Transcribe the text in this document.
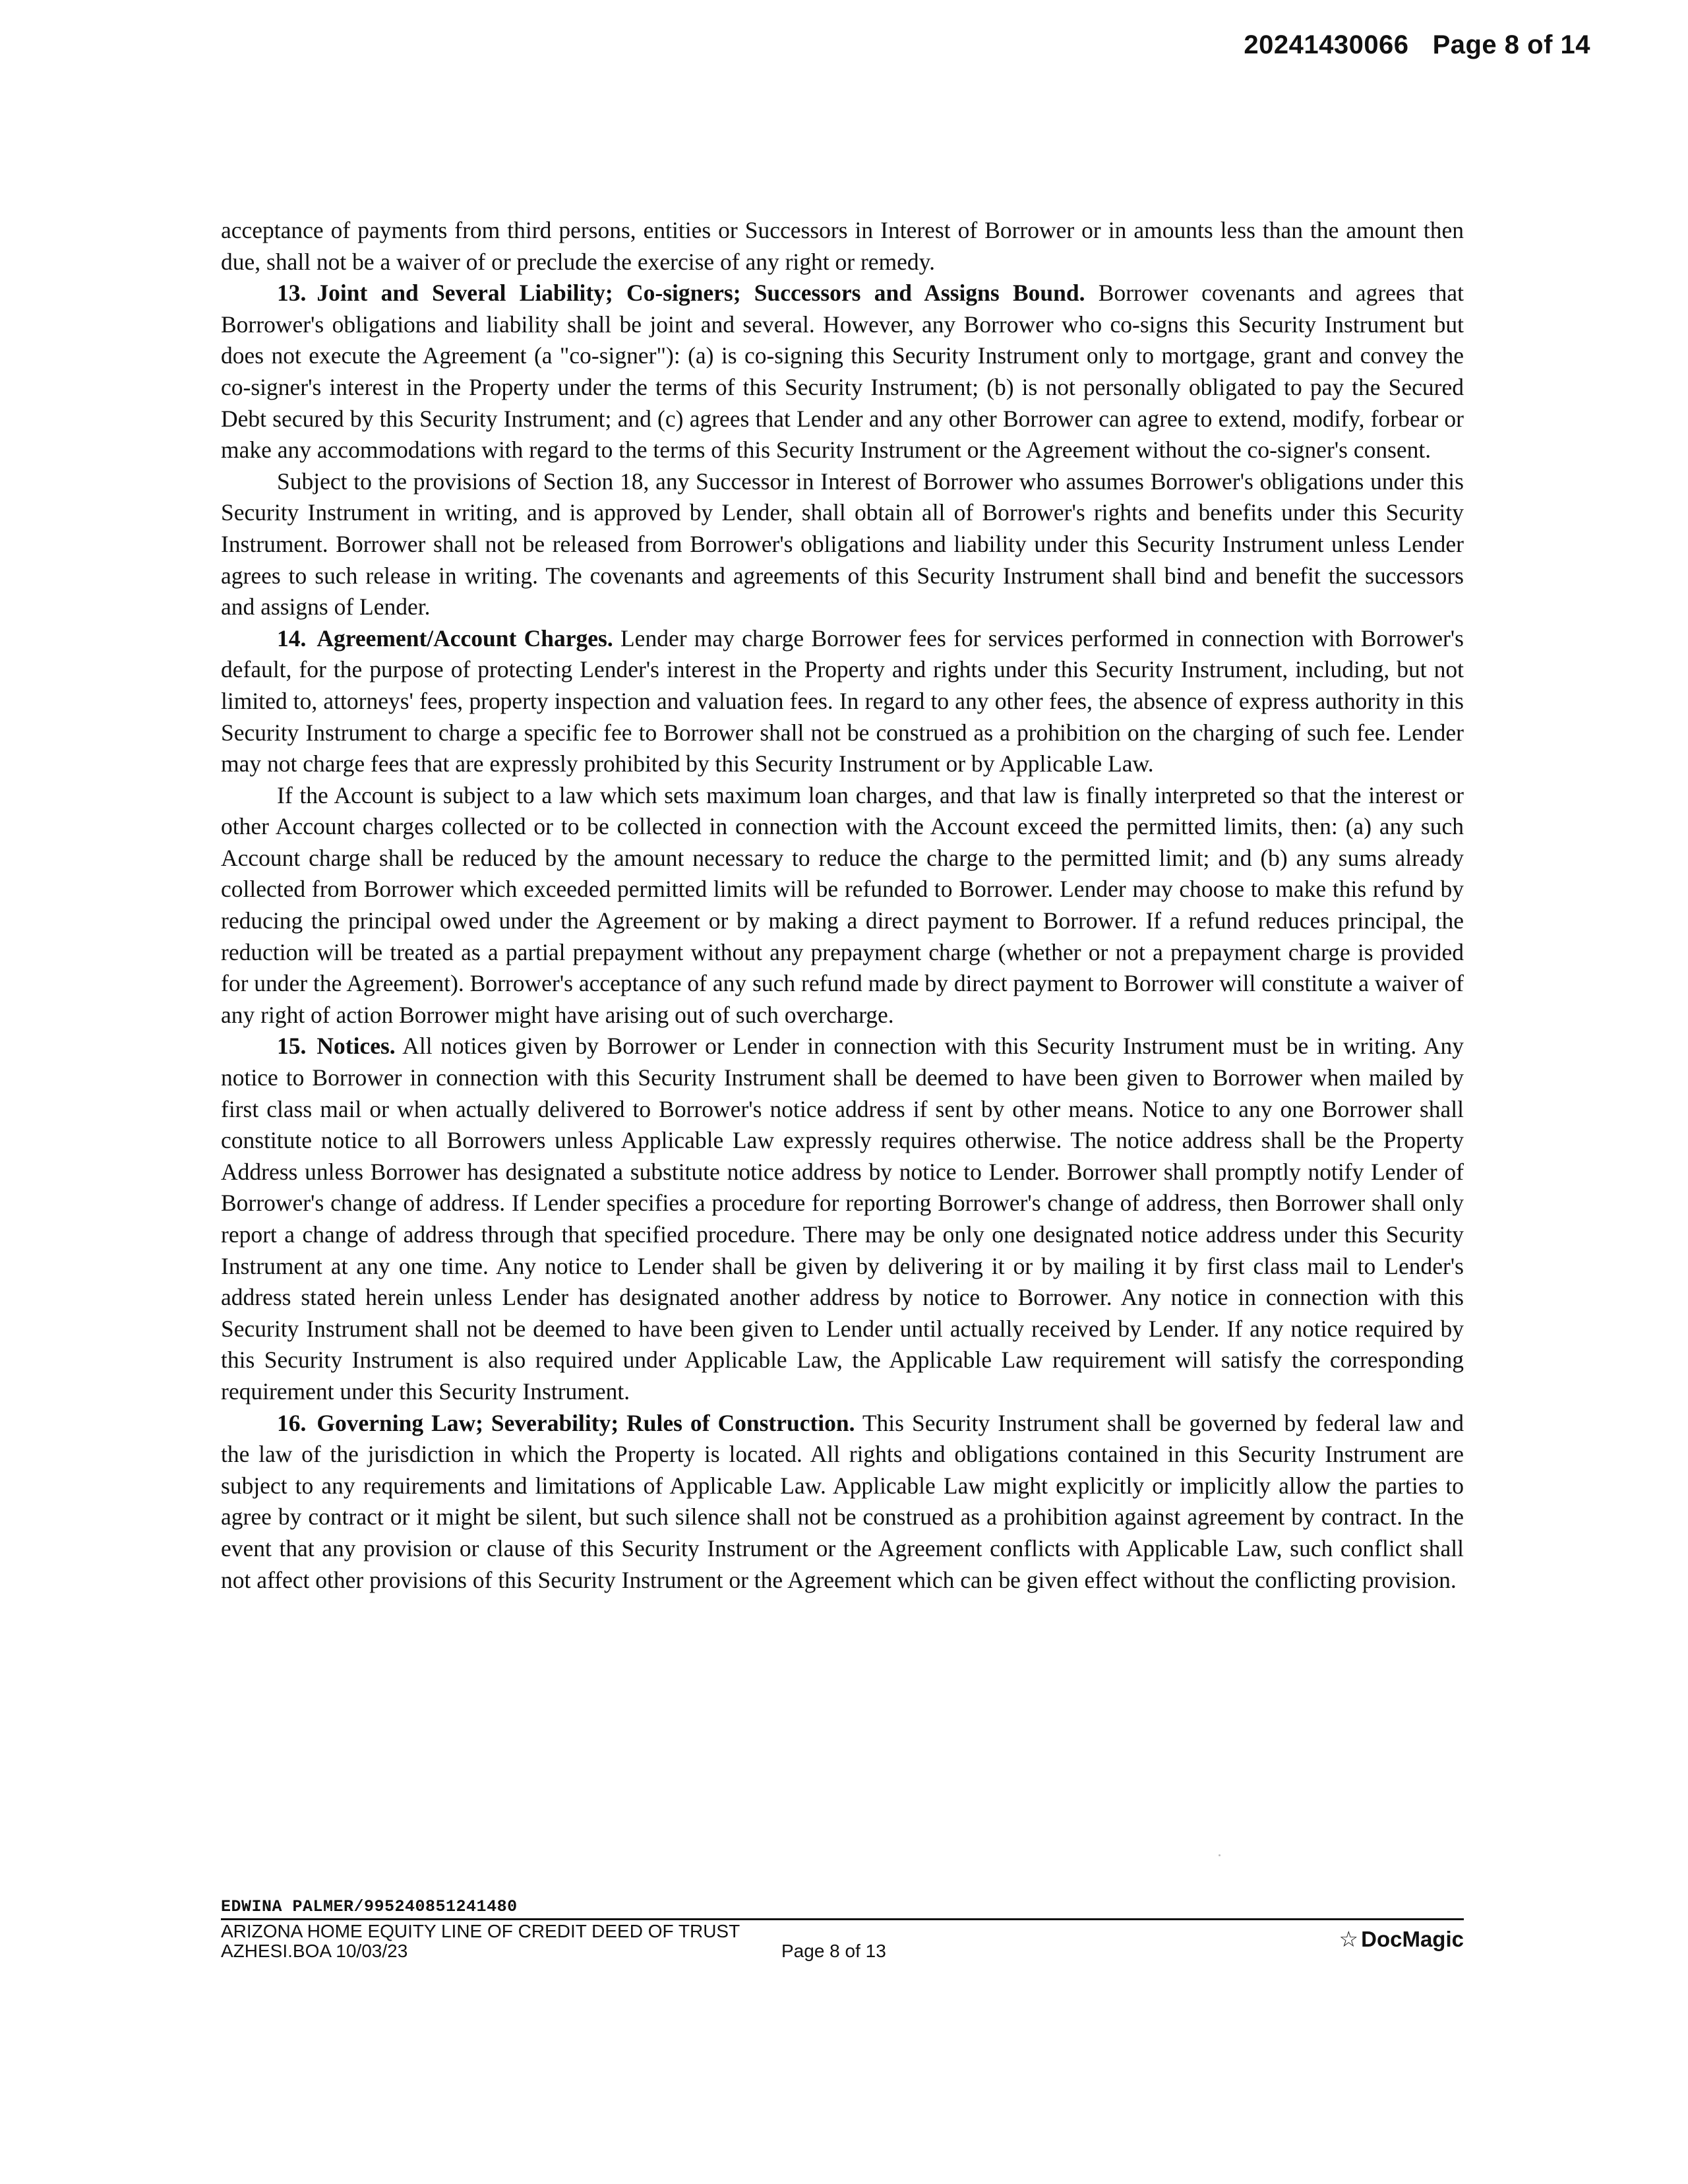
20241430066 Page 8 of 14

acceptance of payments from third persons, entities or Successors in Interest of Borrower or in amounts less than the amount then due, shall not be a waiver of or preclude the exercise of any right or remedy.

13. Joint and Several Liability; Co-signers; Successors and Assigns Bound. Borrower covenants and agrees that Borrower's obligations and liability shall be joint and several. However, any Borrower who co-signs this Security Instrument but does not execute the Agreement (a "co-signer"): (a) is co-signing this Security Instrument only to mortgage, grant and convey the co-signer's interest in the Property under the terms of this Security Instrument; (b) is not personally obligated to pay the Secured Debt secured by this Security Instrument; and (c) agrees that Lender and any other Borrower can agree to extend, modify, forbear or make any accommodations with regard to the terms of this Security Instrument or the Agreement without the co-signer's consent.

Subject to the provisions of Section 18, any Successor in Interest of Borrower who assumes Borrower's obligations under this Security Instrument in writing, and is approved by Lender, shall obtain all of Borrower's rights and benefits under this Security Instrument. Borrower shall not be released from Borrower's obligations and liability under this Security Instrument unless Lender agrees to such release in writing. The covenants and agreements of this Security Instrument shall bind and benefit the successors and assigns of Lender.

14. Agreement/Account Charges. Lender may charge Borrower fees for services performed in connection with Borrower's default, for the purpose of protecting Lender's interest in the Property and rights under this Security Instrument, including, but not limited to, attorneys' fees, property inspection and valuation fees. In regard to any other fees, the absence of express authority in this Security Instrument to charge a specific fee to Borrower shall not be construed as a prohibition on the charging of such fee. Lender may not charge fees that are expressly prohibited by this Security Instrument or by Applicable Law.

If the Account is subject to a law which sets maximum loan charges, and that law is finally interpreted so that the interest or other Account charges collected or to be collected in connection with the Account exceed the permitted limits, then: (a) any such Account charge shall be reduced by the amount necessary to reduce the charge to the permitted limit; and (b) any sums already collected from Borrower which exceeded permitted limits will be refunded to Borrower. Lender may choose to make this refund by reducing the principal owed under the Agreement or by making a direct payment to Borrower. If a refund reduces principal, the reduction will be treated as a partial prepayment without any prepayment charge (whether or not a prepayment charge is provided for under the Agreement). Borrower's acceptance of any such refund made by direct payment to Borrower will constitute a waiver of any right of action Borrower might have arising out of such overcharge.

15. Notices. All notices given by Borrower or Lender in connection with this Security Instrument must be in writing. Any notice to Borrower in connection with this Security Instrument shall be deemed to have been given to Borrower when mailed by first class mail or when actually delivered to Borrower's notice address if sent by other means. Notice to any one Borrower shall constitute notice to all Borrowers unless Applicable Law expressly requires otherwise. The notice address shall be the Property Address unless Borrower has designated a substitute notice address by notice to Lender. Borrower shall promptly notify Lender of Borrower's change of address. If Lender specifies a procedure for reporting Borrower's change of address, then Borrower shall only report a change of address through that specified procedure. There may be only one designated notice address under this Security Instrument at any one time. Any notice to Lender shall be given by delivering it or by mailing it by first class mail to Lender's address stated herein unless Lender has designated another address by notice to Borrower. Any notice in connection with this Security Instrument shall not be deemed to have been given to Lender until actually received by Lender. If any notice required by this Security Instrument is also required under Applicable Law, the Applicable Law requirement will satisfy the corresponding requirement under this Security Instrument.

16. Governing Law; Severability; Rules of Construction. This Security Instrument shall be governed by federal law and the law of the jurisdiction in which the Property is located. All rights and obligations contained in this Security Instrument are subject to any requirements and limitations of Applicable Law. Applicable Law might explicitly or implicitly allow the parties to agree by contract or it might be silent, but such silence shall not be construed as a prohibition against agreement by contract. In the event that any provision or clause of this Security Instrument or the Agreement conflicts with Applicable Law, such conflict shall not affect other provisions of this Security Instrument or the Agreement which can be given effect without the conflicting provision.

EDWINA PALMER/995240851241480
ARIZONA HOME EQUITY LINE OF CREDIT DEED OF TRUST
AZHESI.BOA 10/03/23	Page 8 of 13	☆ DocMagic
